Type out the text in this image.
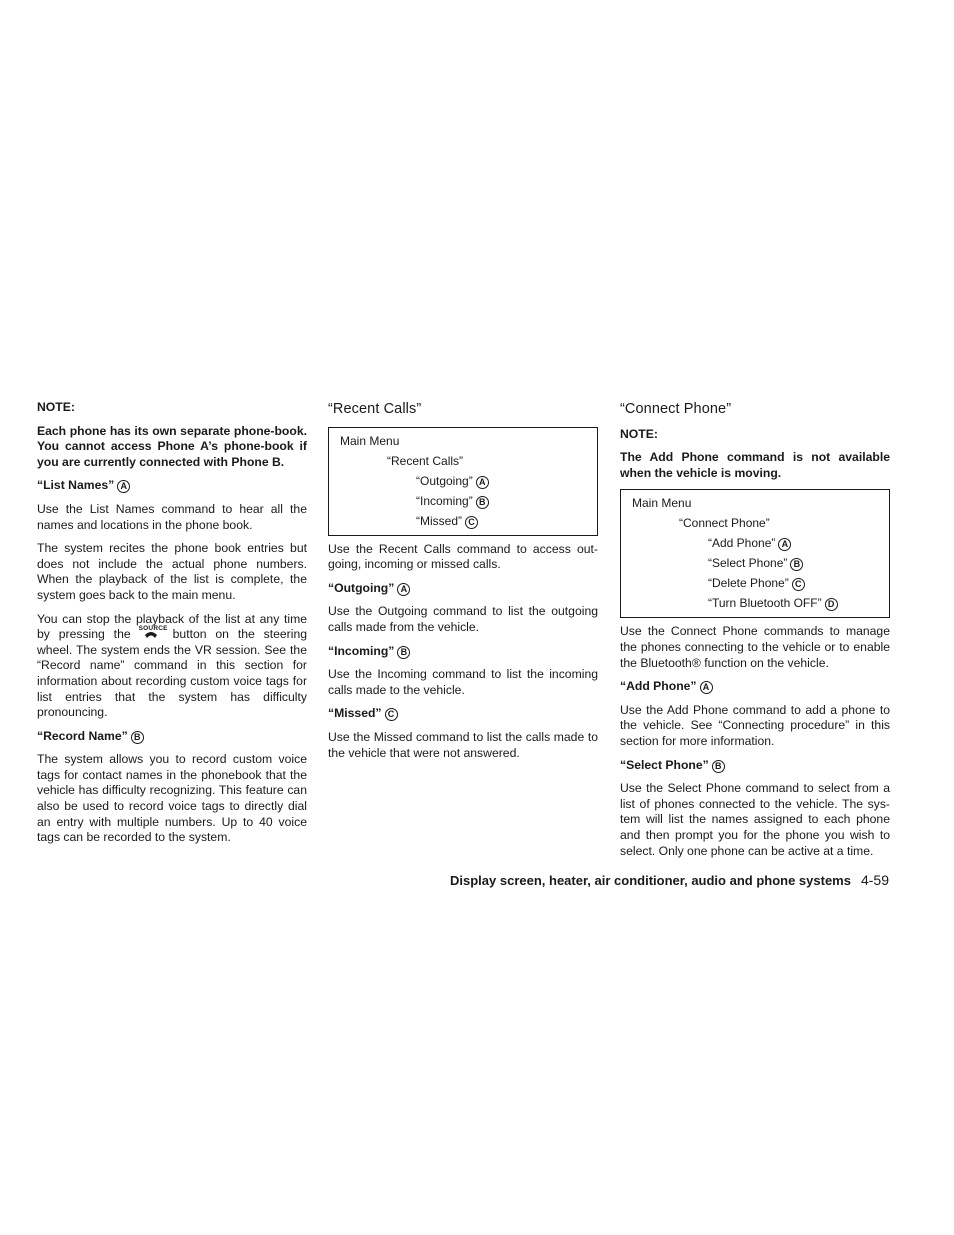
NOTE:

Each phone has its own separate phone-book. You cannot access Phone A’s phone-book if you are currently connected with Phone B.

“List Names” A

Use the List Names command to hear all the names and locations in the phone book.

The system recites the phone book entries but does not include the actual phone numbers. When the playback of the list is complete, the system goes back to the main menu.

You can stop the playback of the list at any time by pressing the SOURCE button on the steering wheel. The system ends the VR session. See the “Record name” command in this section for information about recording custom voice tags for list entries that the system has difficulty pronouncing.

“Record Name” B

The system allows you to record custom voice tags for contact names in the phonebook that the vehicle has difficulty recognizing. This feature can also be used to record voice tags to directly dial an entry with multiple numbers. Up to 40 voice tags can be recorded to the system.

“Recent Calls”
Main Menu
“Recent Calls”
“Outgoing” A
“Incoming” B
“Missed” C

Use the Recent Calls command to access out-going, incoming or missed calls.

“Outgoing” A

Use the Outgoing command to list the outgoing calls made from the vehicle.

“Incoming” B

Use the Incoming command to list the incoming calls made to the vehicle.

“Missed” C

Use the Missed command to list the calls made to the vehicle that were not answered.

“Connect Phone”
NOTE:

The Add Phone command is not available when the vehicle is moving.

Main Menu
“Connect Phone”
“Add Phone” A
“Select Phone” B
“Delete Phone” C
“Turn Bluetooth OFF” D

Use the Connect Phone commands to manage the phones connecting to the vehicle or to enable the Bluetooth® function on the vehicle.

“Add Phone” A

Use the Add Phone command to add a phone to the vehicle. See “Connecting procedure” in this section for more information.

“Select Phone” B

Use the Select Phone command to select from a list of phones connected to the vehicle. The sys-tem will list the names assigned to each phone and then prompt you for the phone you wish to select. Only one phone can be active at a time.

Display screen, heater, air conditioner, audio and phone systems 4-59
